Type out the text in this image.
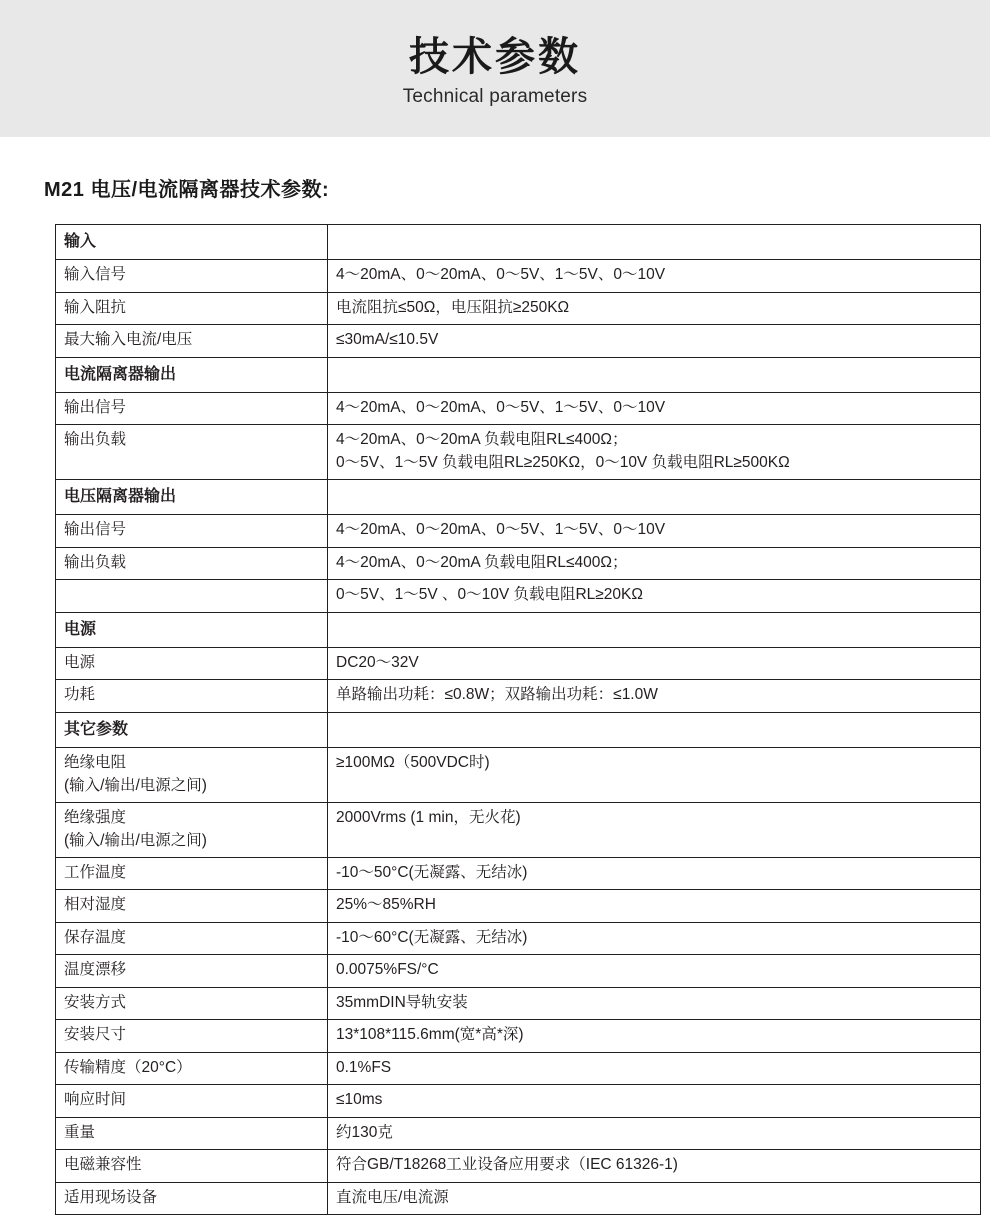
技术参数
Technical parameters
M21 电压/电流隔离器技术参数:
输入	
输入信号	4～20mA、0～20mA、0～5V、1～5V、0～10V
输入阻抗	电流阻抗≤50Ω，电压阻抗≥250KΩ
最大输入电流/电压	≤30mA/≤10.5V
电流隔离器输出	
输出信号	4～20mA、0～20mA、0～5V、1～5V、0～10V
输出负载	4～20mA、0～20mA 负载电阻RL≤400Ω；
0～5V、1～5V 负载电阻RL≥250KΩ，0～10V 负载电阻RL≥500KΩ

电压隔离器输出	
输出信号	4～20mA、0～20mA、0～5V、1～5V、0～10V
输出负载	4～20mA、0～20mA 负载电阻RL≤400Ω；
	0～5V、1～5V 、0～10V 负载电阻RL≥20KΩ
电源	
电源	DC20～32V
功耗	单路输出功耗：≤0.8W；双路输出功耗：≤1.0W
其它参数	

绝缘电阻
(输入/输出/电源之间)	≥100MΩ（500VDC时)

绝缘强度
(输入/输出/电源之间)	2000Vrms (1 min，无火花)
工作温度	-10～50°C(无凝露、无结冰)
相对湿度	25%～85%RH
保存温度	-10～60°C(无凝露、无结冰)
温度漂移	0.0075%FS/°C
安装方式	35mmDIN导轨安装
安装尺寸	13*108*115.6mm(宽*高*深)
传输精度（20°C）	0.1%FS
响应时间	≤10ms
重量	约130克
电磁兼容性	符合GB/T18268工业设备应用要求（IEC 61326-1)
适用现场设备	直流电压/电流源
